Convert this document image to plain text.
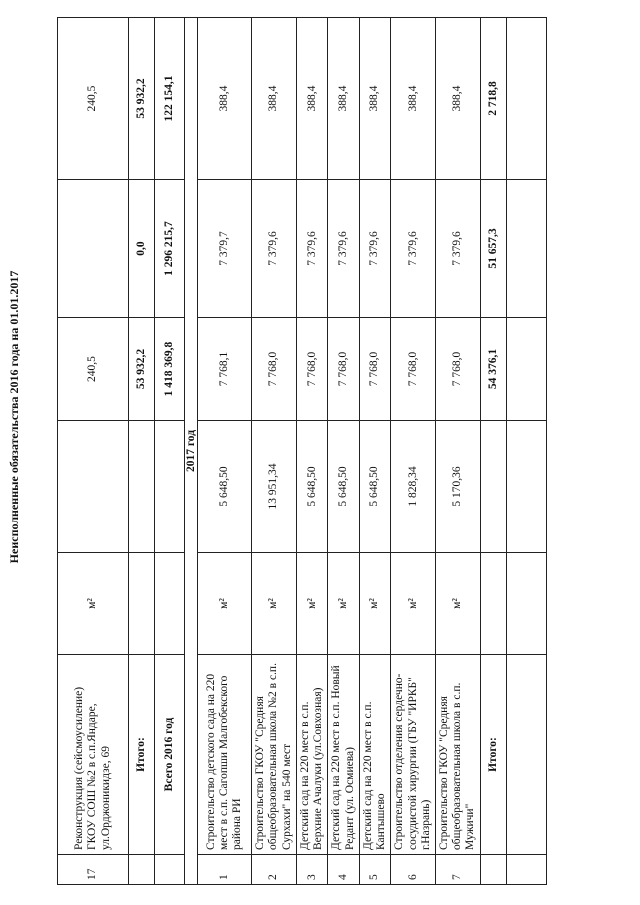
Неисполненные обязательства 2016 года на 01.01.2017
17	Реконструкция (сейсмоусиление) ГКОУ СОШ №2 в с.п.Яндаре, ул.Орджоникидзе, 69	м²		240,5		240,5
	Итого:			53 932,2	0,0	53 932,2
	Всего 2016 год			1 418 369,8	1 296 215,7	122 154,1
2017 год						
1	Строительство детского сада на 220 мест в с.п. Сагопши Малгобекского района РИ	м²	5 648,50	7 768,1	7 379,7	388,4
2	Строительство ГКОУ "Средняя общеобразовательная школа №2 в с.п. Сурхахи" на 540 мест	м²	13 951,34	7 768,0	7 379,6	388,4
3	Детский сад на 220 мест в с.п. Верхние Ачалуки (ул.Совхозная)	м²	5 648,50	7 768,0	7 379,6	388,4
4	Детский сад на 220 мест в с.п. Новый Редант (ул. Осмиева)	м²	5 648,50	7 768,0	7 379,6	388,4
5	Детский сад на 220 мест в с.п. Кантышево	м²	5 648,50	7 768,0	7 379,6	388,4
6	Строительство отделения сердечно-сосудистой хирургии (ГБУ "ИРКБ" г.Назрань)	м²	1 828,34	7 768,0	7 379,6	388,4
7	Строительство ГКОУ "Средняя общеобразовательная школа в с.п. Мужичи"	м²	5 170,36	7 768,0	7 379,6	388,4
	Итого:			54 376,1	51 657,3	2 718,8
